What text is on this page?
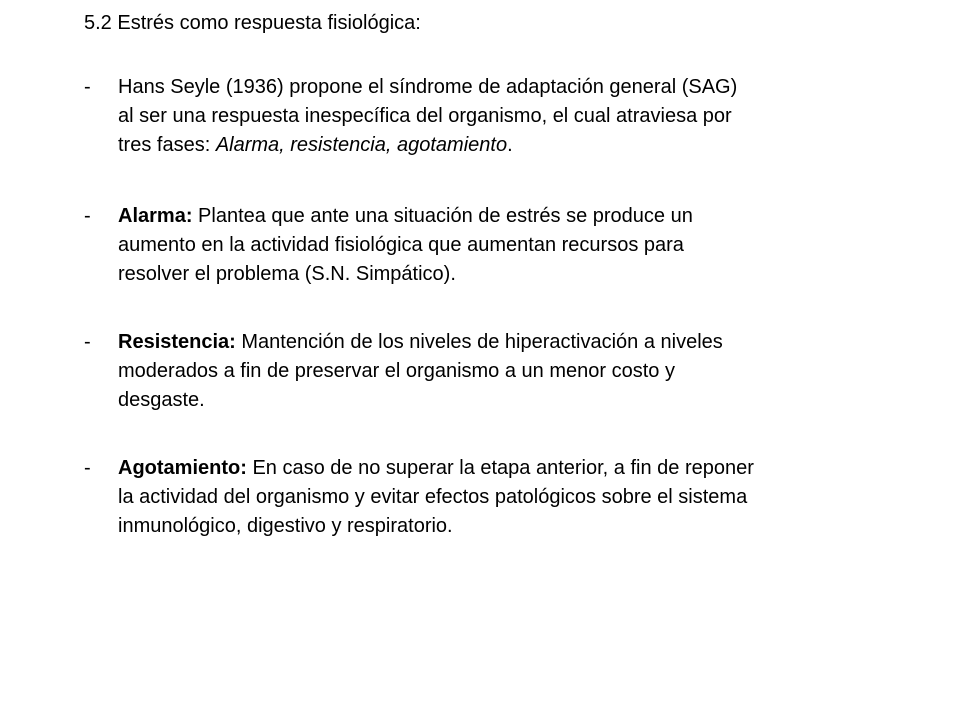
5.2 Estrés como respuesta fisiológica:
-	Hans Seyle (1936) propone el síndrome de adaptación general (SAG)
al ser una respuesta inespecífica del organismo, el cual atraviesa por
tres fases: Alarma, resistencia, agotamiento.
-	Alarma: Plantea que ante una situación de estrés se produce un
aumento en la actividad fisiológica que aumentan recursos para
resolver el problema (S.N. Simpático).
-	Resistencia: Mantención de los niveles de hiperactivación a niveles
moderados a fin de preservar el organismo a un menor costo y
desgaste.
-	Agotamiento: En caso de no superar la etapa anterior, a fin de reponer
la actividad del organismo y evitar efectos patológicos sobre el sistema
inmunológico, digestivo y respiratorio.
